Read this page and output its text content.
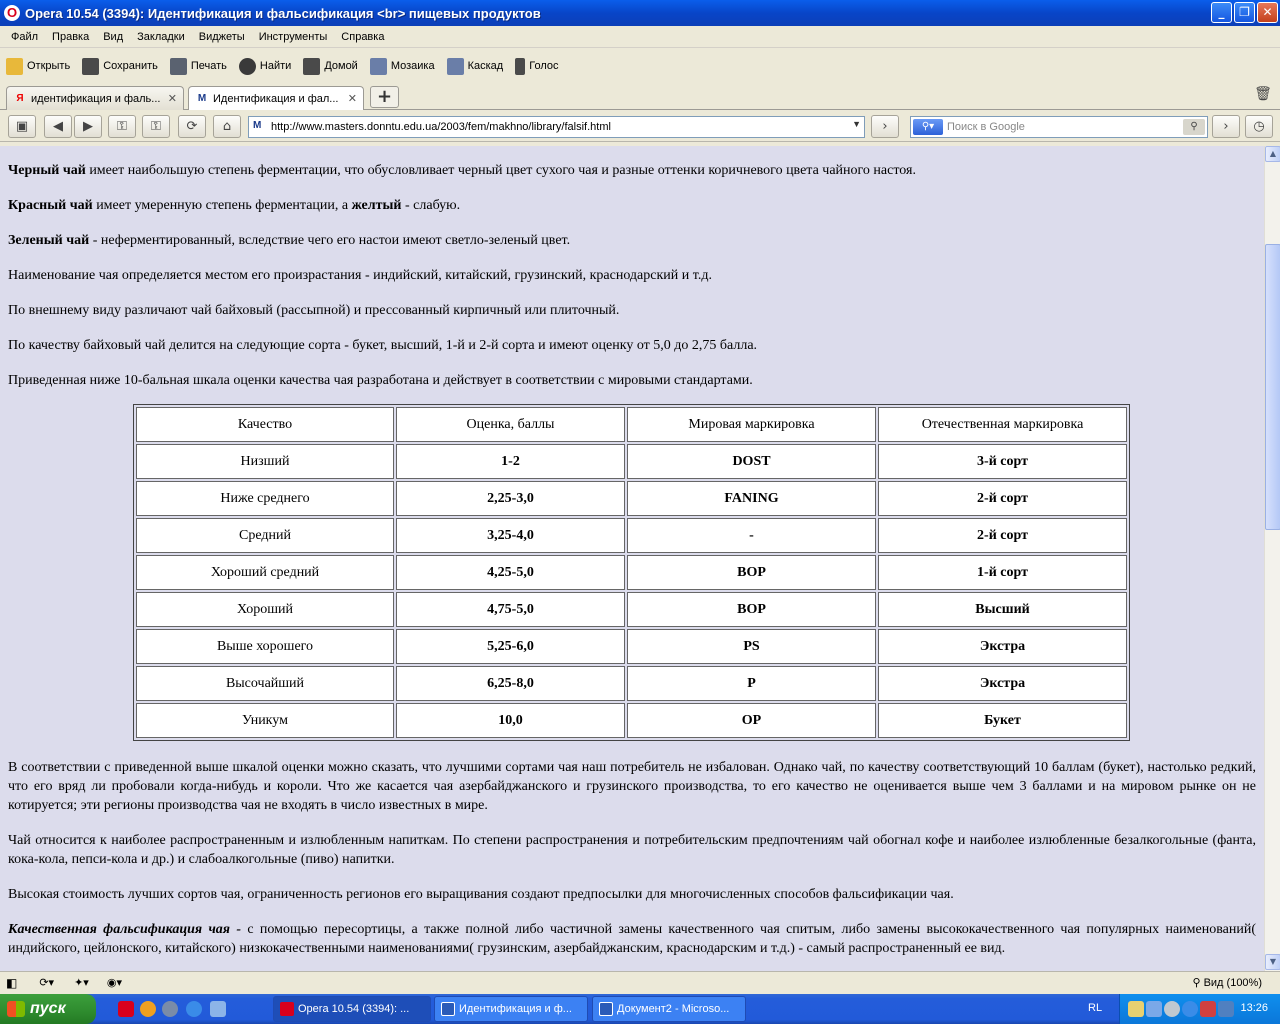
O Opera 10.54 (3394): Идентификация и фальсификация <br> пищевых продуктов	_	❐	✕
Файл	Правка	Вид	Закладки	Виджеты	Инструменты	Справка
Открыть	Сохранить	Печать	Найти	Домой	Мозаика	Каскад Голос
Я идентификация и фаль... ✕ M Идентификация и фал... ✕	+	🗑
▣	◀	▶	⚿	⚿	⟳	⌂	M http://www.masters.donntu.edu.ua/2003/fem/makhno/library/falsif.html	▼	›	⚲▾	Поиск в Google	⚲	›	◷

Черный чай имеет наибольшую степень ферментации, что обусловливает черный цвет сухого чая и разные оттенки коричневого цвета чайного настоя.

Красный чай имеет умеренную степень ферментации, а желтый - слабую.

Зеленый чай - неферментированный, вследствие чего его настои имеют светло-зеленый цвет.

Наименование чая определяется местом его произрастания - индийский, китайский, грузинский, краснодарский и т.д.

По внешнему виду различают чай байховый (рассыпной) и прессованный кирпичный или плиточный.

По качеству байховый чай делится на следующие сорта - букет, высший, 1-й и 2-й сорта и имеют оценку от 5,0 до 2,75 балла.

Приведенная ниже 10-бальная шкала оценки качества чая разработана и действует в соответствии с мировыми стандартами.

Качество	Оценка, баллы	Мировая маркировка	Отечественная маркировка
Низший	1-2	DOST	3-й сорт
Ниже среднего	2,25-3,0	FANING	2-й сорт
Средний	3,25-4,0	-	2-й сорт
Хороший средний	4,25-5,0	BOP	1-й сорт
Хороший	4,75-5,0	BOP	Высший
Выше хорошего	5,25-6,0	PS	Экстра
Высочайший	6,25-8,0	P	Экстра
Уникум	10,0	OP	Букет

В соответствии с приведенной выше шкалой оценки можно сказать, что лучшими сортами чая наш потребитель не избалован. Однако чай, по качеству соответствующий 10 баллам (букет), настолько редкий, что его вряд ли пробовали когда-нибудь и короли. Что же касается чая азербайджанского и грузинского производства, то его качество не оценивается выше чем 3 баллами и на мировом рынке он не котируется; эти регионы производства чая не входять в число известных в мире.

Чай относится к наиболее распространенным и излюбленным напиткам. По степени распространения и потребительским предпочтениям чай обогнал кофе и наиболее излюбленные безалкогольные (фанта, кока-кола, пепси-кола и др.) и слабоалкогольные (пиво) напитки.

Высокая стоимость лучших сортов чая, ограниченность регионов его выращивания создают предпосылки для многочисленных способов фальсификации чая.

Качественная фальсификация чая - с помощью пересортицы, а также полной либо частичной замены качественного чая спитым, либо замены высококачественного чая популярных наименований( индийского, цейлонского, китайского) низкокачественными наименованиями( грузинским, азербайджанским, краснодарским и т.д.) - самый распространенный ее вид.

▲
▼
◧ ⟳▾ ✦▾ ◉▾	⚲ Вид (100%)
пуск	Opera 10.54 (3394): ...	Идентификация и ф...	Документ2 - Microso...	RL	13:26
